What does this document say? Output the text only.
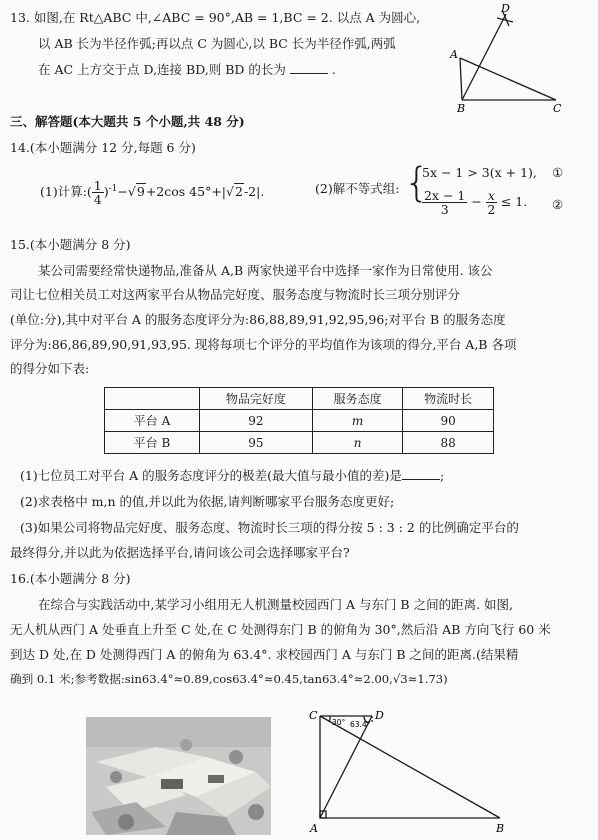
13. 如图,在 Rt△ABC 中,∠ABC = 90°,AB = 1,BC = 2. 以点 A 为圆心,
以 AB 长为半径作弧;再以点 C 为圆心,以 BC 长为半径作弧,两弧
在 AC 上方交于点 D,连接 BD,则 BD 的长为	.
D
A
B	C
三、解答题(本大题共 5 个小题,共 48 分)
14.(本小题满分 12 分,每题 6 分)
(1)计算:( $\frac{1}{4} )^{-1}-√9+2\cos$ 45°+|√2-2|.	(2)解不等式组: {
5x − 1 > 3(x + 1), ①
$\frac{2x - 1}{3} - \frac{x}{2} \le 1$. ②
15.(本小题满分 8 分)
某公司需要经常快递物品,准备从 A,B 两家快递平台中选择一家作为日常使用. 该公
司让七位相关员工对这两家平台从物品完好度、服务态度与物流时长三项分别评分
(单位:分),其中对平台 A 的服务态度评分为:86,88,89,91,92,95,96;对平台 B 的服务态度
评分为:86,86,89,90,91,93,95. 现将每项七个评分的平均值作为该项的得分,平台 A,B 各项
的得分如下表:
	物品完好度	服务态度	物流时长
平台 A	92	m	90
平台 B	95	n	88
(1)七位员工对平台 A 的服务态度评分的极差(最大值与最小值的差)是	;
(2)求表格中 m,n 的值,并以此为依据,请判断哪家平台服务态度更好;
(3)如果公司将物品完好度、服务态度、物流时长三项的得分按 5 : 3 : 2 的比例确定平台的
最终得分,并以此为依据选择平台,请问该公司会选择哪家平台?
16.(本小题满分 8 分)
在综合与实践活动中,某学习小组用无人机测量校园西门 A 与东门 B 之间的距离. 如图,
无人机从西门 A 处垂直上升至 C 处,在 C 处测得东门 B 的俯角为 30°,然后沿 AB 方向飞行 60 米
到达 D 处,在 D 处测得西门 A 的俯角为 63.4°. 求校园西门 A 与东门 B 之间的距离.(结果精
确到 0.1 米;参考数据:sin63.4°≈0.89,cos63.4°≈0.45,tan63.4°≈2.00,√3≈1.73)
C	D
A	B
30° 63.4°
